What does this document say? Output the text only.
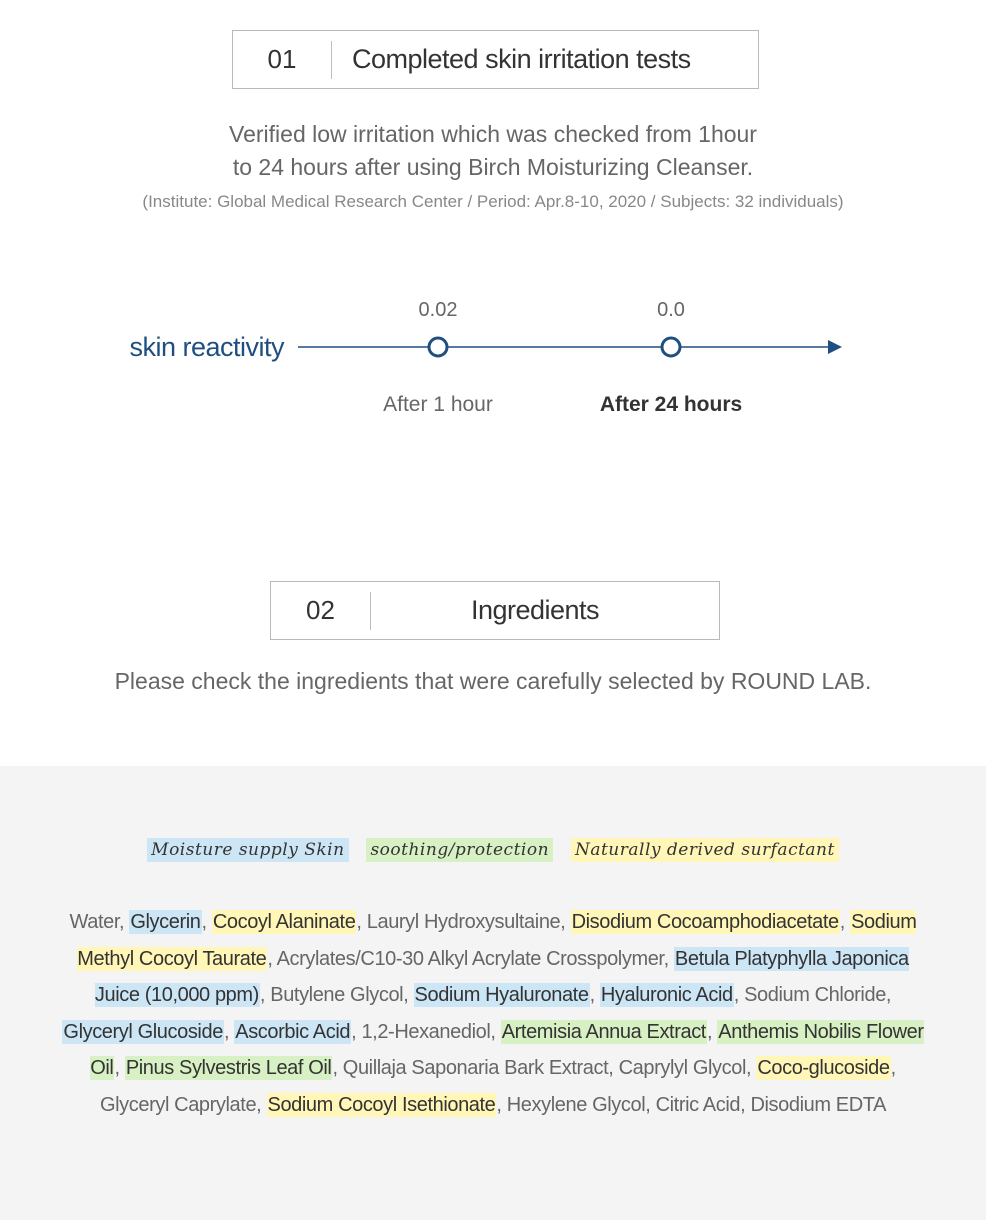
01	Completed skin irritation tests
Verified low irritation which was checked from 1hour
to 24 hours after using Birch Moisturizing Cleanser.
(Institute: Global Medical Research Center / Period: Apr.8-10, 2020 / Subjects: 32 individuals)
skin reactivity
0.02
After 1 hour
0.0
After 24 hours
02	Ingredients
Please check the ingredients that were carefully selected by ROUND LAB.
Moisture supply Skin soothing/protection Naturally derived surfactant
Water, Glycerin, Cocoyl Alaninate, Lauryl Hydroxysultaine, Disodium Cocoamphodiacetate, Sodium Methyl Cocoyl Taurate, Acrylates/C10-30 Alkyl Acrylate Crosspolymer, Betula Platyphylla Japonica Juice (10,000 ppm), Butylene Glycol, Sodium Hyaluronate, Hyaluronic Acid, Sodium Chloride, Glyceryl Glucoside, Ascorbic Acid, 1,2-Hexanediol, Artemisia Annua Extract, Anthemis Nobilis Flower Oil, Pinus Sylvestris Leaf Oil, Quillaja Saponaria Bark Extract, Caprylyl Glycol, Coco-glucoside, Glyceryl Caprylate, Sodium Cocoyl Isethionate, Hexylene Glycol, Citric Acid, Disodium EDTA
